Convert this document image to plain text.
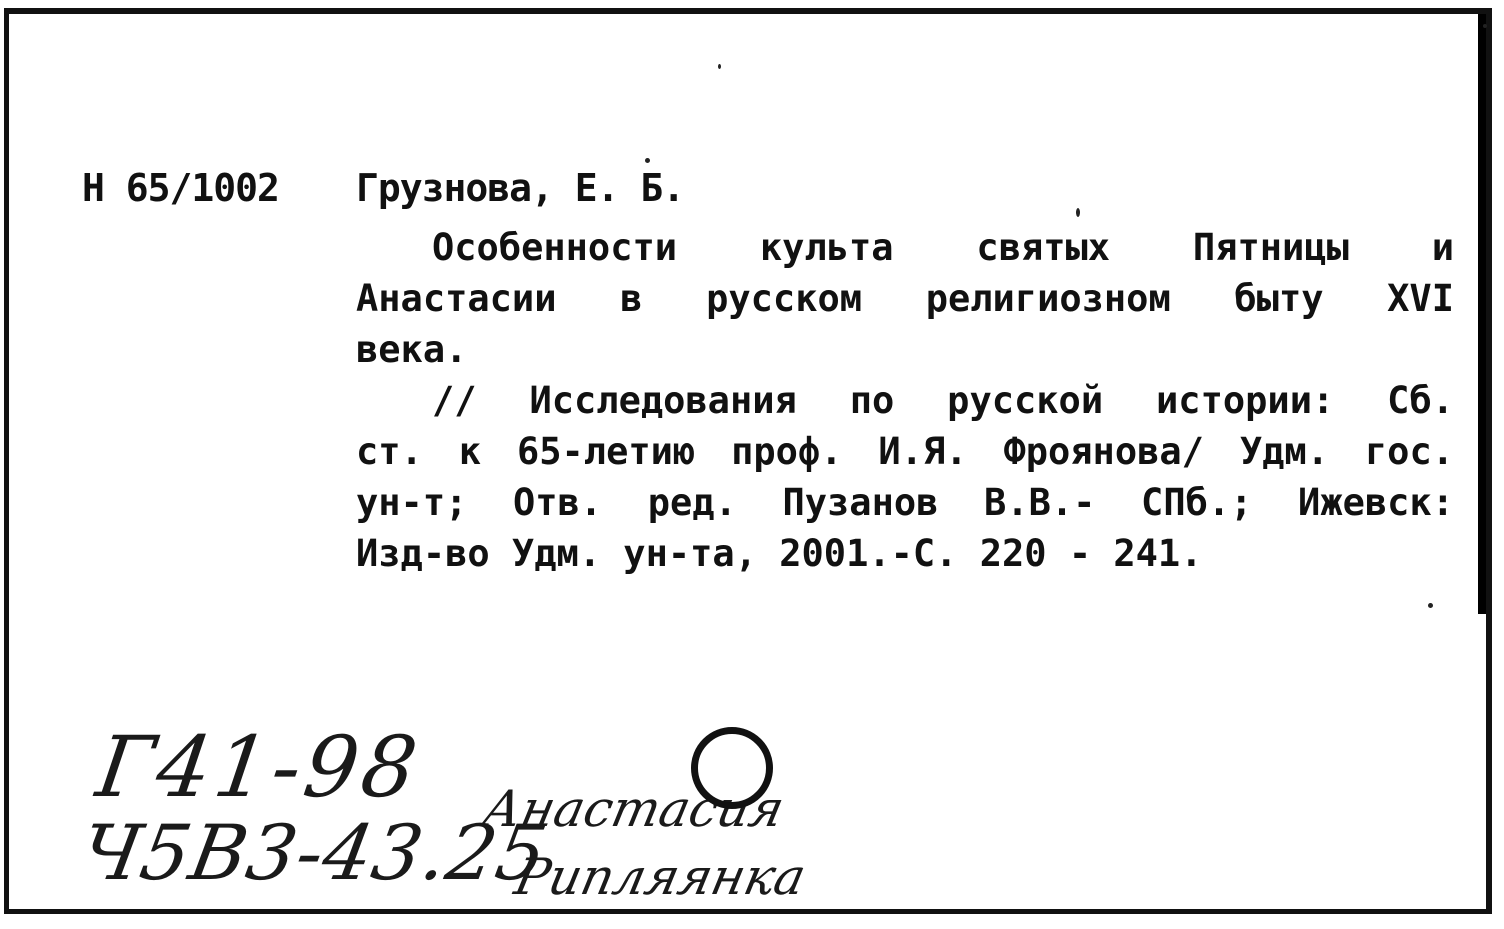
Н 65/1002 Грузнова, Е. Б.
Особенности культа святых Пятницы и
Анастасии в русском религиозном быту XVI
века.
// Исследования по русской истории: Сб.
ст. к 65-летию проф. И.Я. Фроянова/ Удм. гос.
ун-т; Отв. ред. Пузанов В.В.- СПб.; Ижевск:
Изд-во Удм. ун-та, 2001.-С. 220 - 241.
Г41-98
Ч5В3-43.25
Анастасия
Рипляянка
